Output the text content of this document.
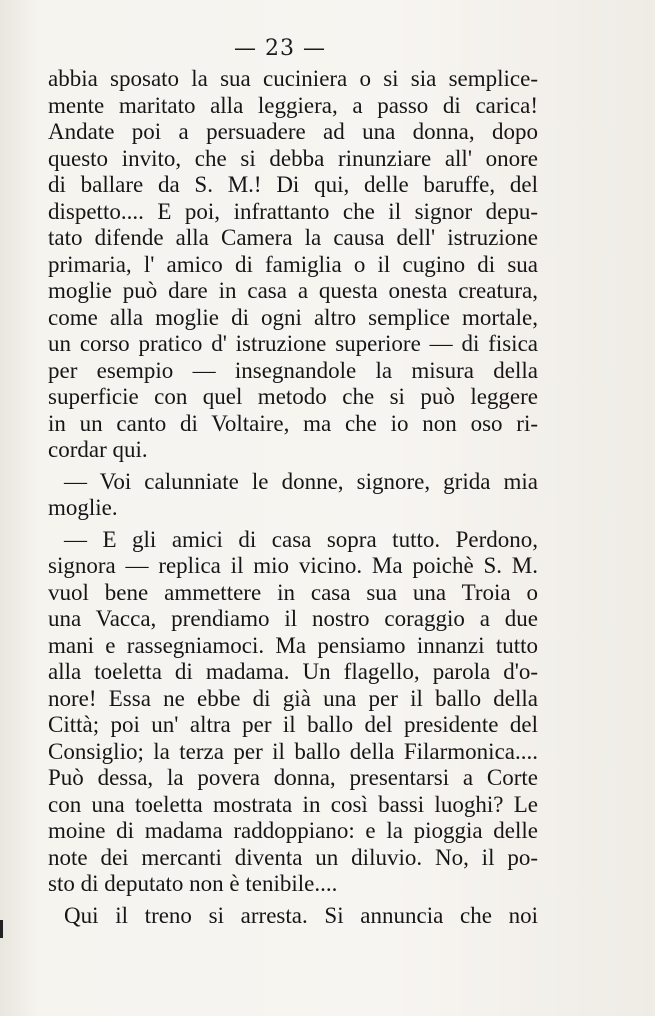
— 23 —
abbia sposato la sua cuciniera o si sia semplice-
mente maritato alla leggiera, a passo di carica!
Andate poi a persuadere ad una donna, dopo
questo invito, che si debba rinunziare all' onore
di ballare da S. M.! Di qui, delle baruffe, del
dispetto.... E poi, infrattanto che il signor depu-
tato difende alla Camera la causa dell' istruzione
primaria, l' amico di famiglia o il cugino di sua
moglie può dare in casa a questa onesta creatura,
come alla moglie di ogni altro semplice mortale,
un corso pratico d' istruzione superiore — di fisica
per esempio — insegnandole la misura della
superficie con quel metodo che si può leggere
in un canto di Voltaire, ma che io non oso ri-
cordar qui.
— Voi calunniate le donne, signore, grida mia
moglie.
— E gli amici di casa sopra tutto. Perdono,
signora — replica il mio vicino. Ma poichè S. M.
vuol bene ammettere in casa sua una Troia o
una Vacca, prendiamo il nostro coraggio a due
mani e rassegniamoci. Ma pensiamo innanzi tutto
alla toeletta di madama. Un flagello, parola d'o-
nore! Essa ne ebbe di già una per il ballo della
Città; poi un' altra per il ballo del presidente del
Consiglio; la terza per il ballo della Filarmonica....
Può dessa, la povera donna, presentarsi a Corte
con una toeletta mostrata in così bassi luoghi? Le
moine di madama raddoppiano: e la pioggia delle
note dei mercanti diventa un diluvio. No, il po-
sto di deputato non è tenibile....
Qui il treno si arresta. Si annuncia che noi
